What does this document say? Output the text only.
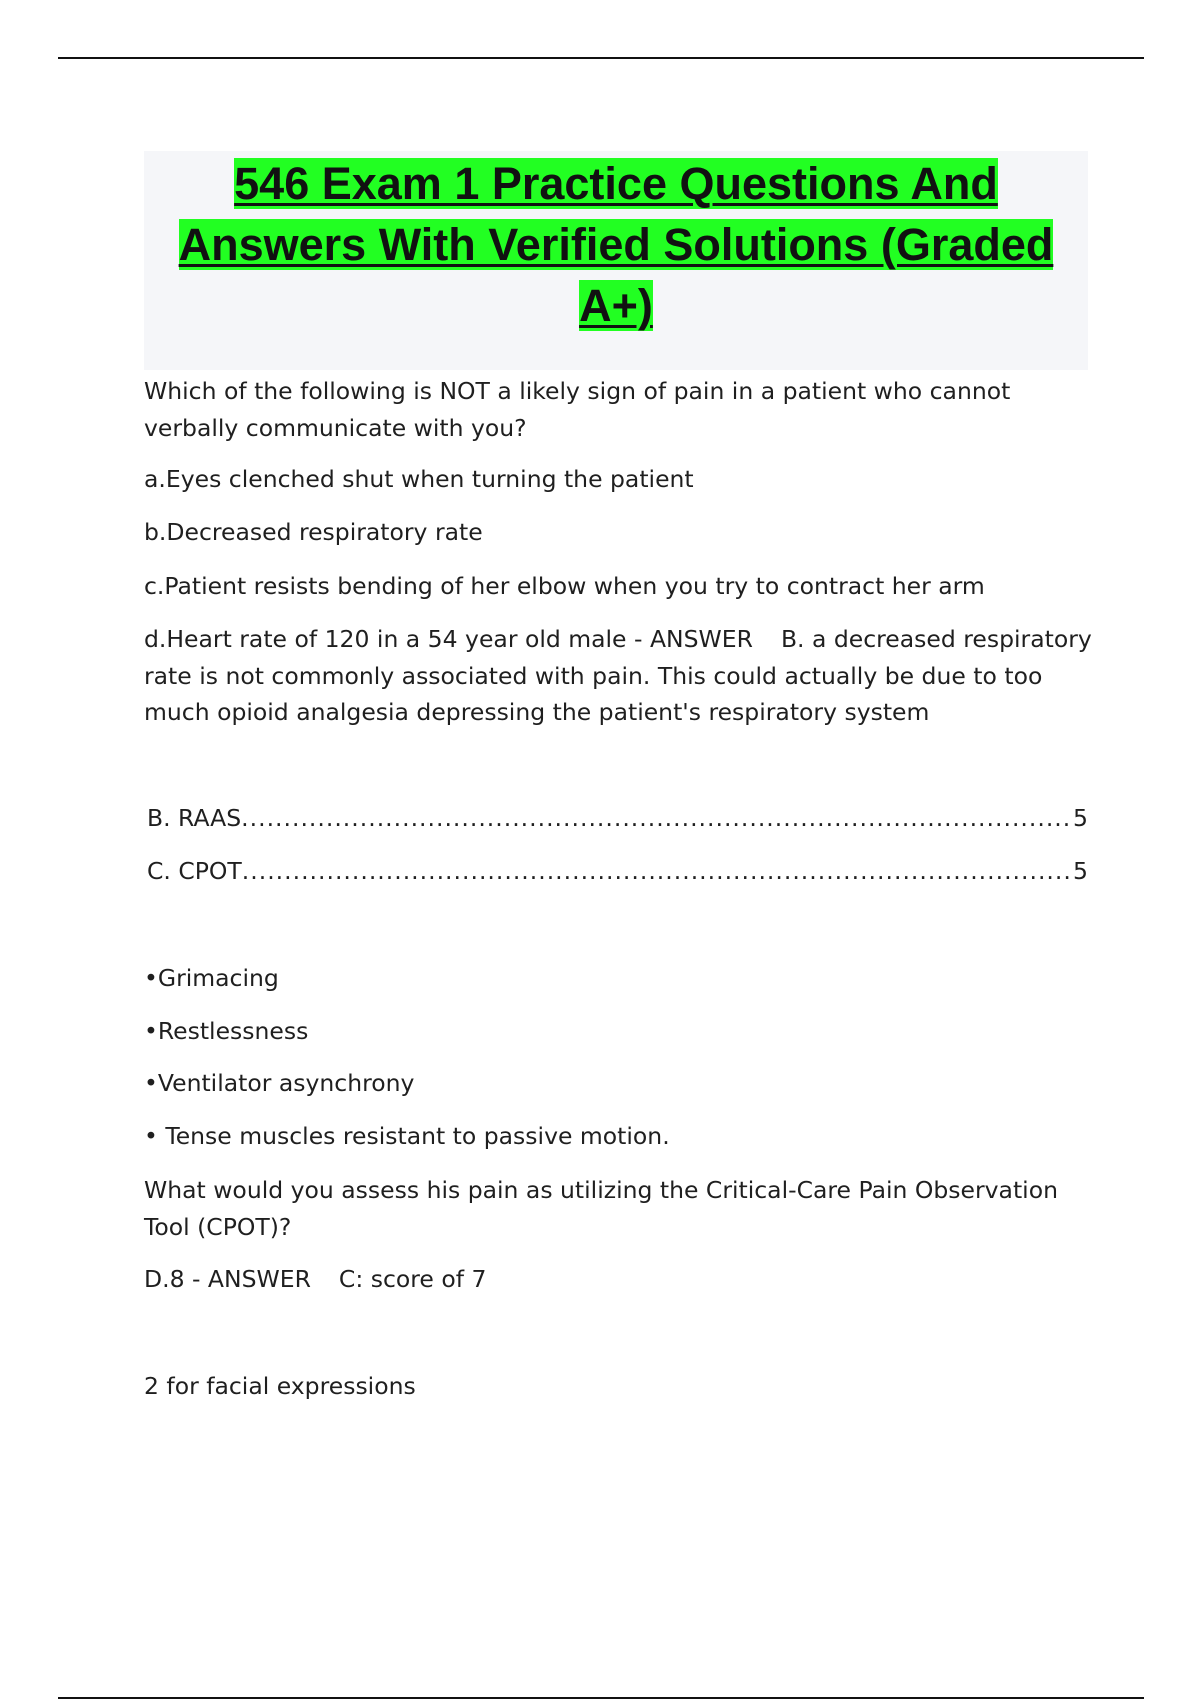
546 Exam 1 Practice Questions And
Answers With Verified Solutions (Graded
A+)

Which of the following is NOT a likely sign of pain in a patient who cannot verbally communicate with you?

a.Eyes clenched shut when turning the patient

b.Decreased respiratory rate

c.Patient resists bending of her elbow when you try to contract her arm

d.Heart rate of 120 in a 54 year old male - ANSWER B. a decreased respiratory rate is not commonly associated with pain. This could actually be due to too much opioid analgesia depressing the patient's respiratory system

B. RAAS .....	5
C. CPOT .....	5

•Grimacing

•Restlessness

•Ventilator asynchrony

• Tense muscles resistant to passive motion.

What would you assess his pain as utilizing the Critical-Care Pain Observation Tool (CPOT)?

D.8 - ANSWER C: score of 7

2 for facial expressions
